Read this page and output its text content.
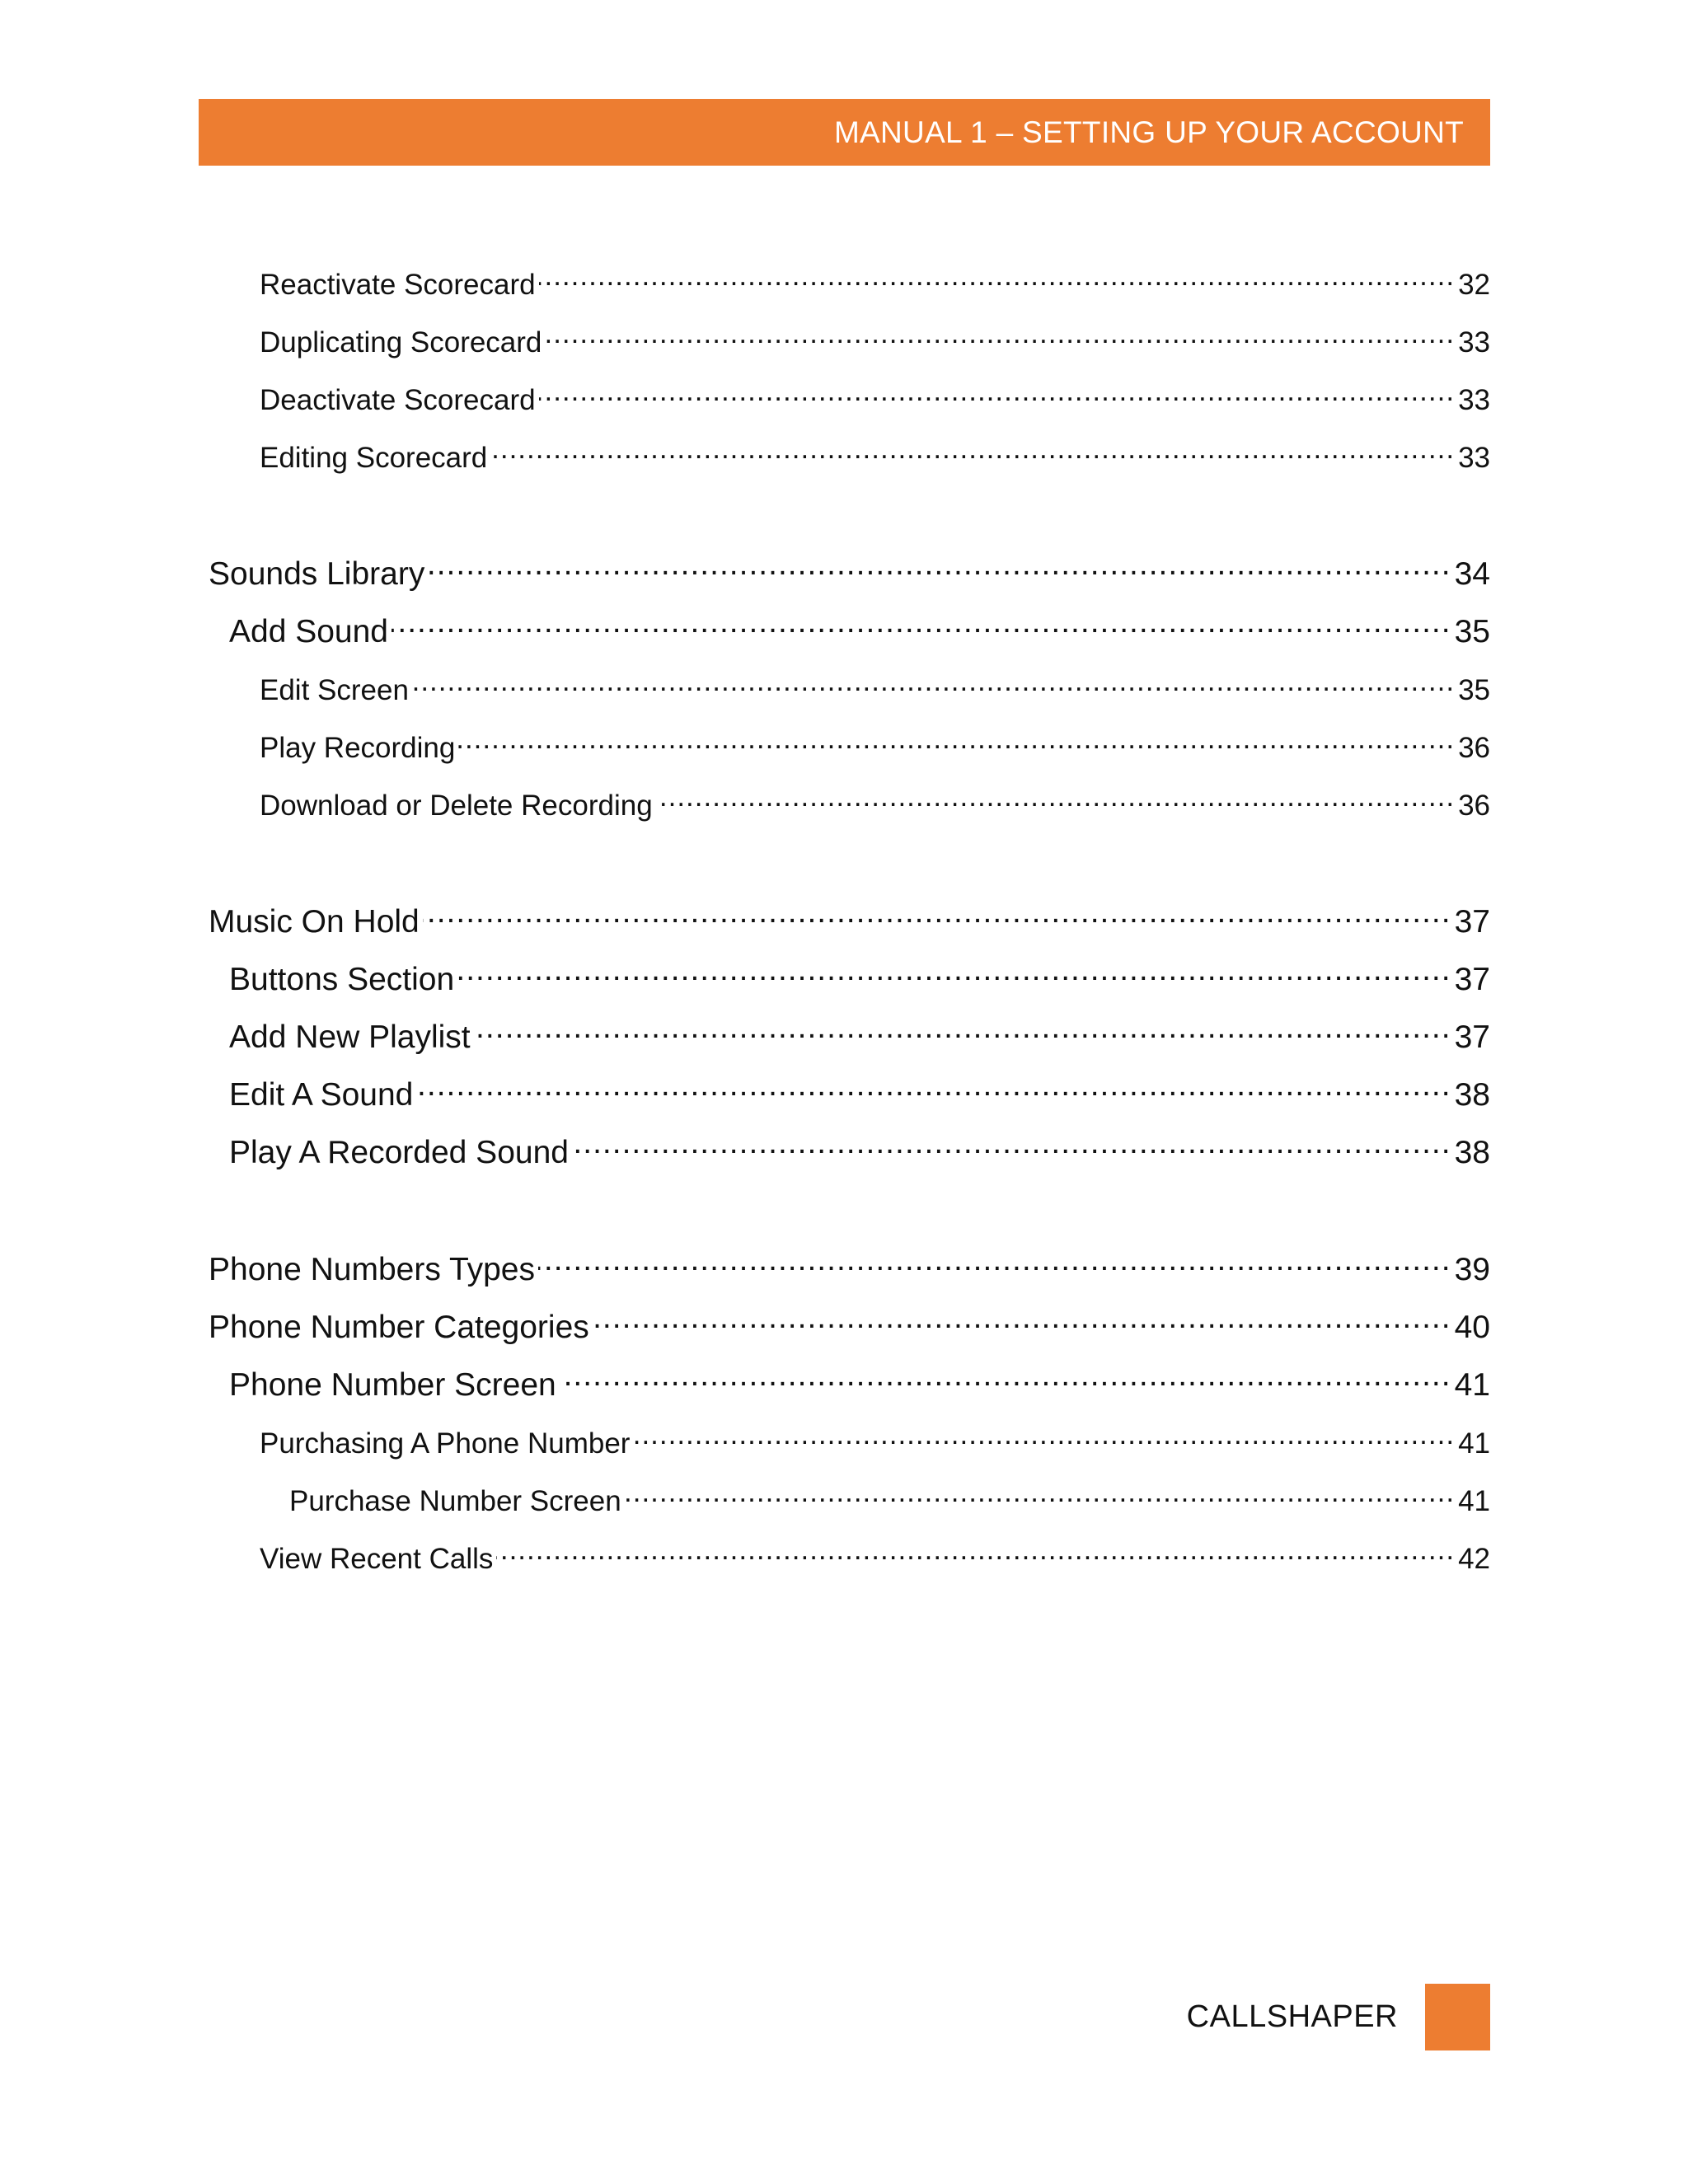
MANUAL 1 – SETTING UP YOUR ACCOUNT
Reactivate Scorecard .....	32
Duplicating Scorecard .....	33
Deactivate Scorecard .....	33
Editing Scorecard .....	33
Sounds Library .....	34
Add Sound .....	35
Edit Screen .....	35
Play Recording .....	36
Download or Delete Recording .....	36
Music On Hold .....	37
Buttons Section .....	37
Add New Playlist .....	37
Edit A Sound .....	38
Play A Recorded Sound .....	38
Phone Numbers Types .....	39
Phone Number Categories .....	40
Phone Number Screen .....	41
Purchasing A Phone Number .....	41
Purchase Number Screen .....	41
View Recent Calls .....	42
CALLSHAPER
